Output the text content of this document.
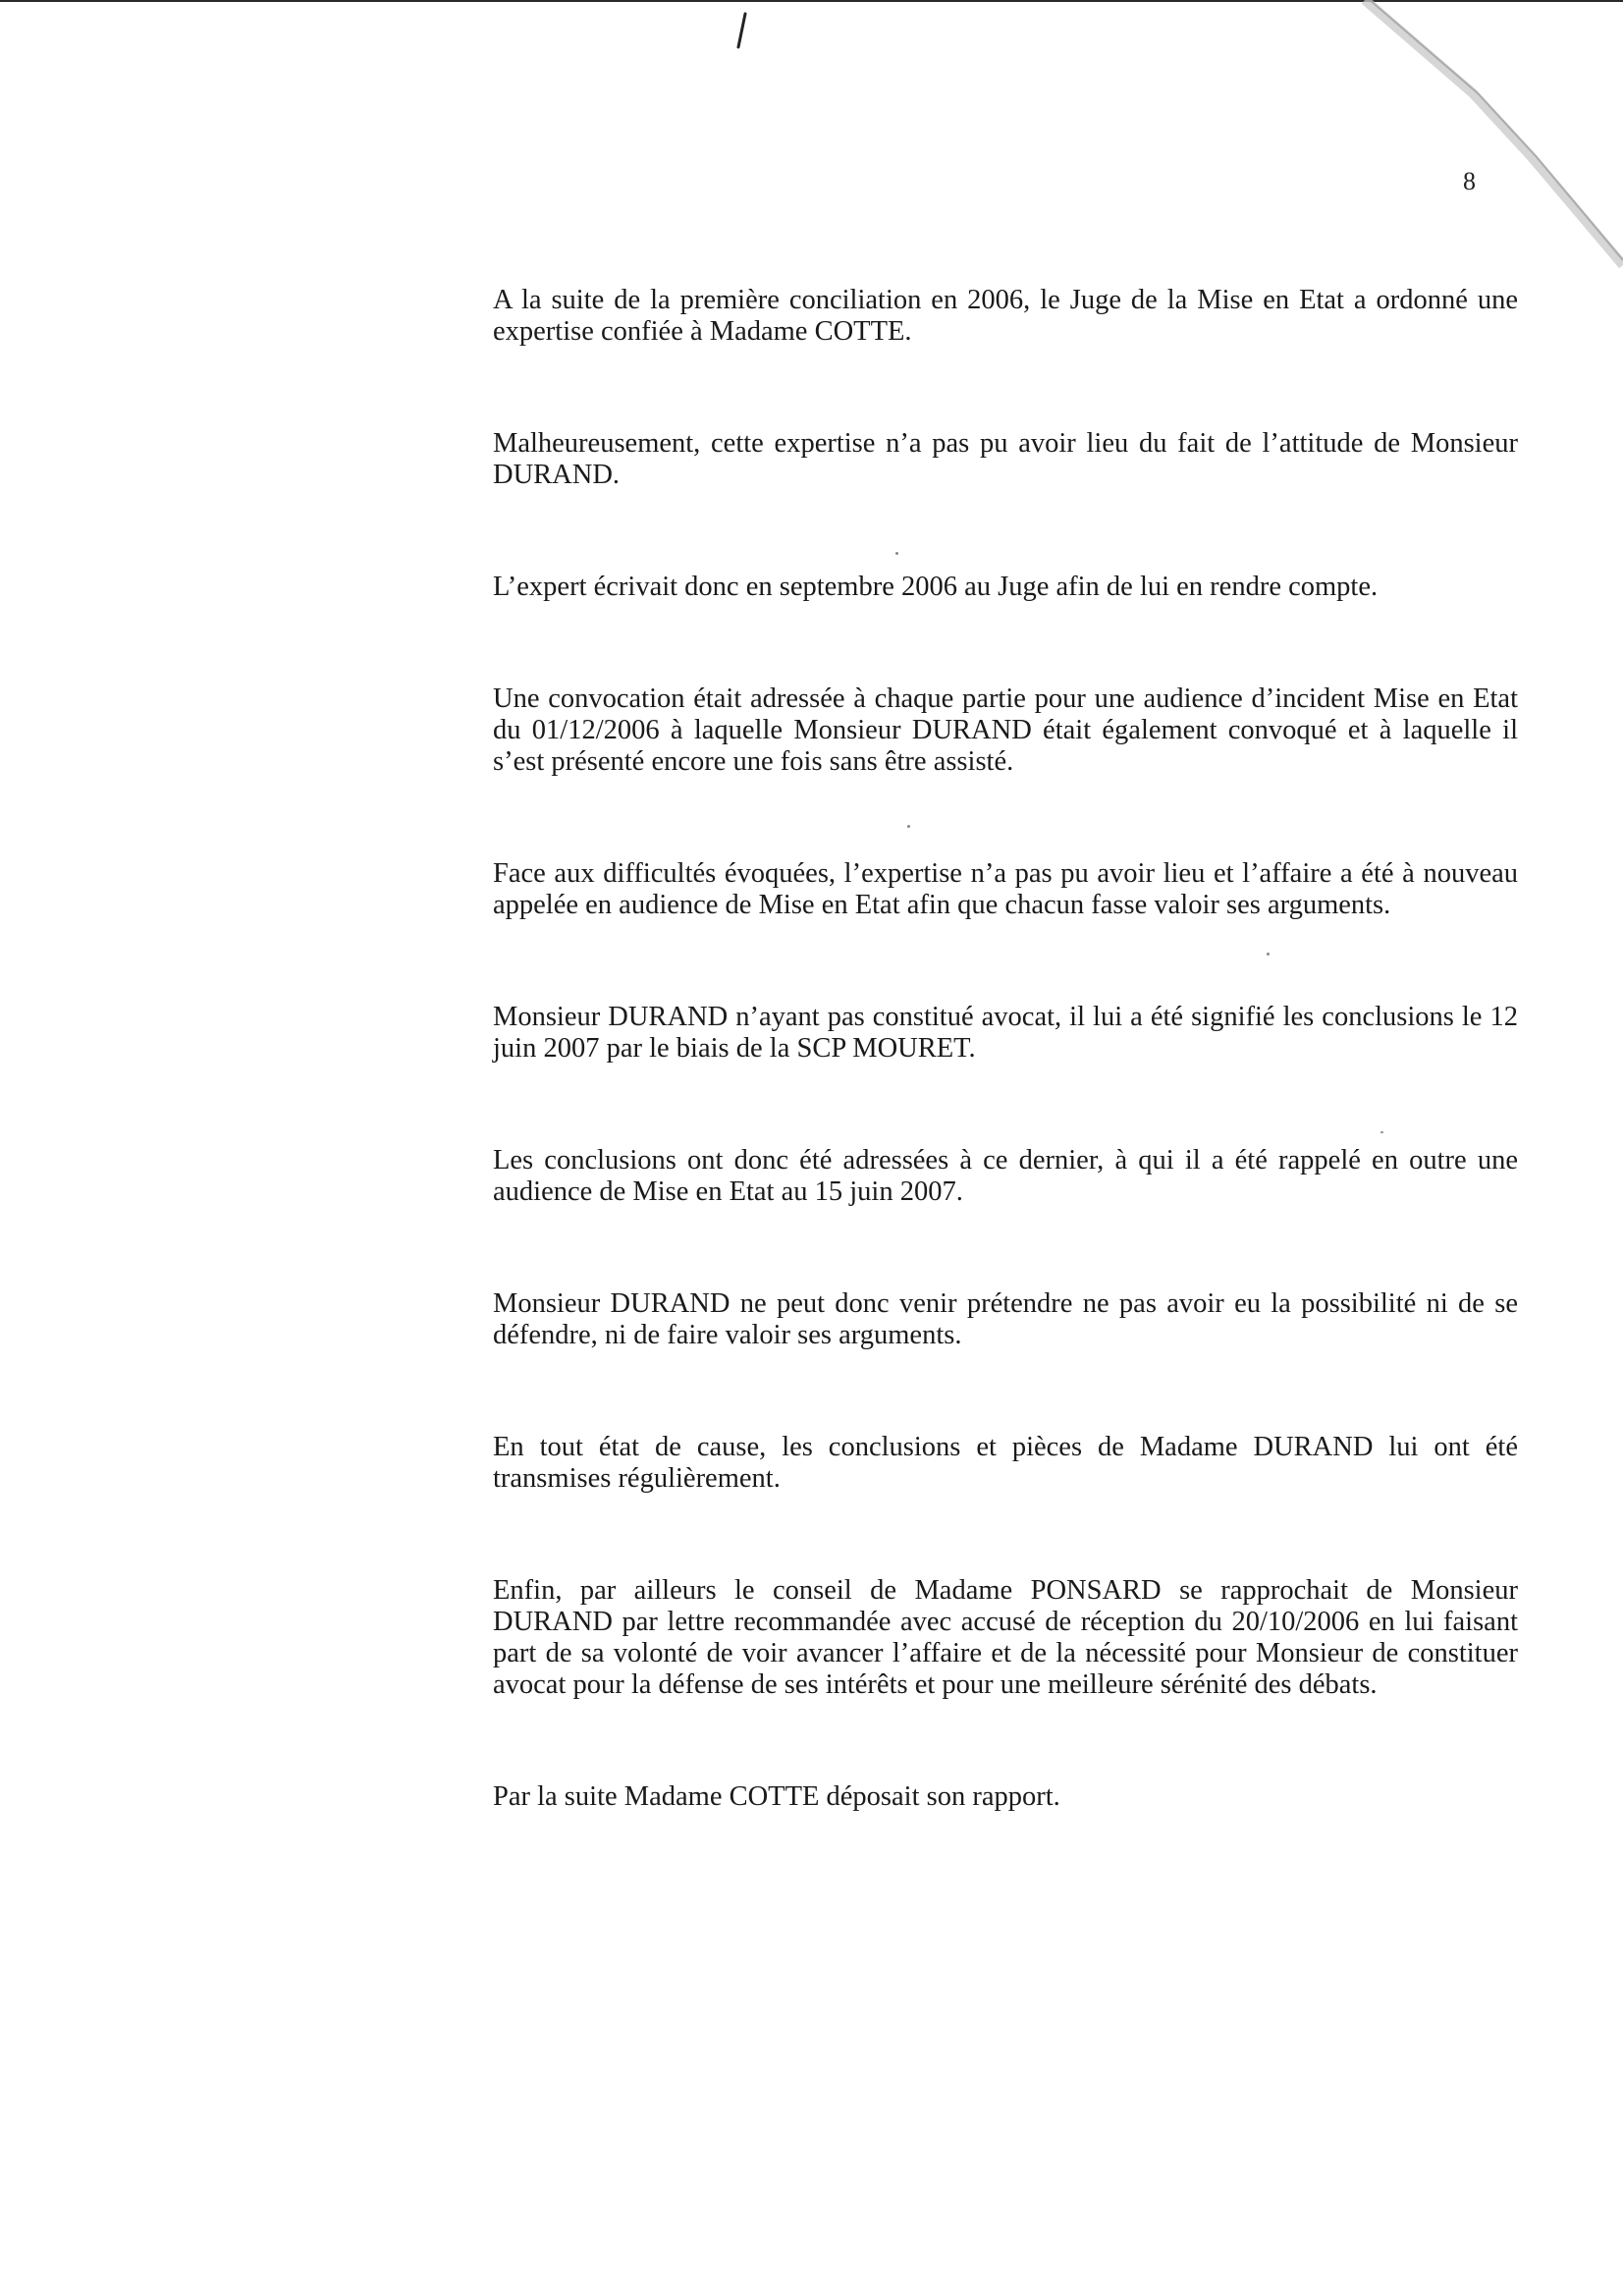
8

A la suite de la première conciliation en 2006, le Juge de la Mise en Etat a ordonné une expertise confiée à Madame COTTE.

Malheureusement, cette expertise n’a pas pu avoir lieu du fait de l’attitude de Monsieur DURAND.

L’expert écrivait donc en septembre 2006 au Juge afin de lui en rendre compte.

Une convocation était adressée à chaque partie pour une audience d’incident Mise en Etat du 01/12/2006 à laquelle Monsieur DURAND était également convoqué et à laquelle il s’est présenté encore une fois sans être assisté.

Face aux difficultés évoquées, l’expertise n’a pas pu avoir lieu et l’affaire a été à nouveau appelée en audience de Mise en Etat afin que chacun fasse valoir ses arguments.

Monsieur DURAND n’ayant pas constitué avocat, il lui a été signifié les conclusions le 12 juin 2007 par le biais de la SCP MOURET.

Les conclusions ont donc été adressées à ce dernier, à qui il a été rappelé en outre une audience de Mise en Etat au 15 juin 2007.

Monsieur DURAND ne peut donc venir prétendre ne pas avoir eu la possibilité ni de se défendre, ni de faire valoir ses arguments.

En tout état de cause, les conclusions et pièces de Madame DURAND lui ont été transmises régulièrement.

Enfin, par ailleurs le conseil de Madame PONSARD se rapprochait de Monsieur DURAND par lettre recommandée avec accusé de réception du 20/10/2006 en lui faisant part de sa volonté de voir avancer l’affaire et de la nécessité pour Monsieur de constituer avocat pour la défense de ses intérêts et pour une meilleure sérénité des débats.

Par la suite Madame COTTE déposait son rapport.
